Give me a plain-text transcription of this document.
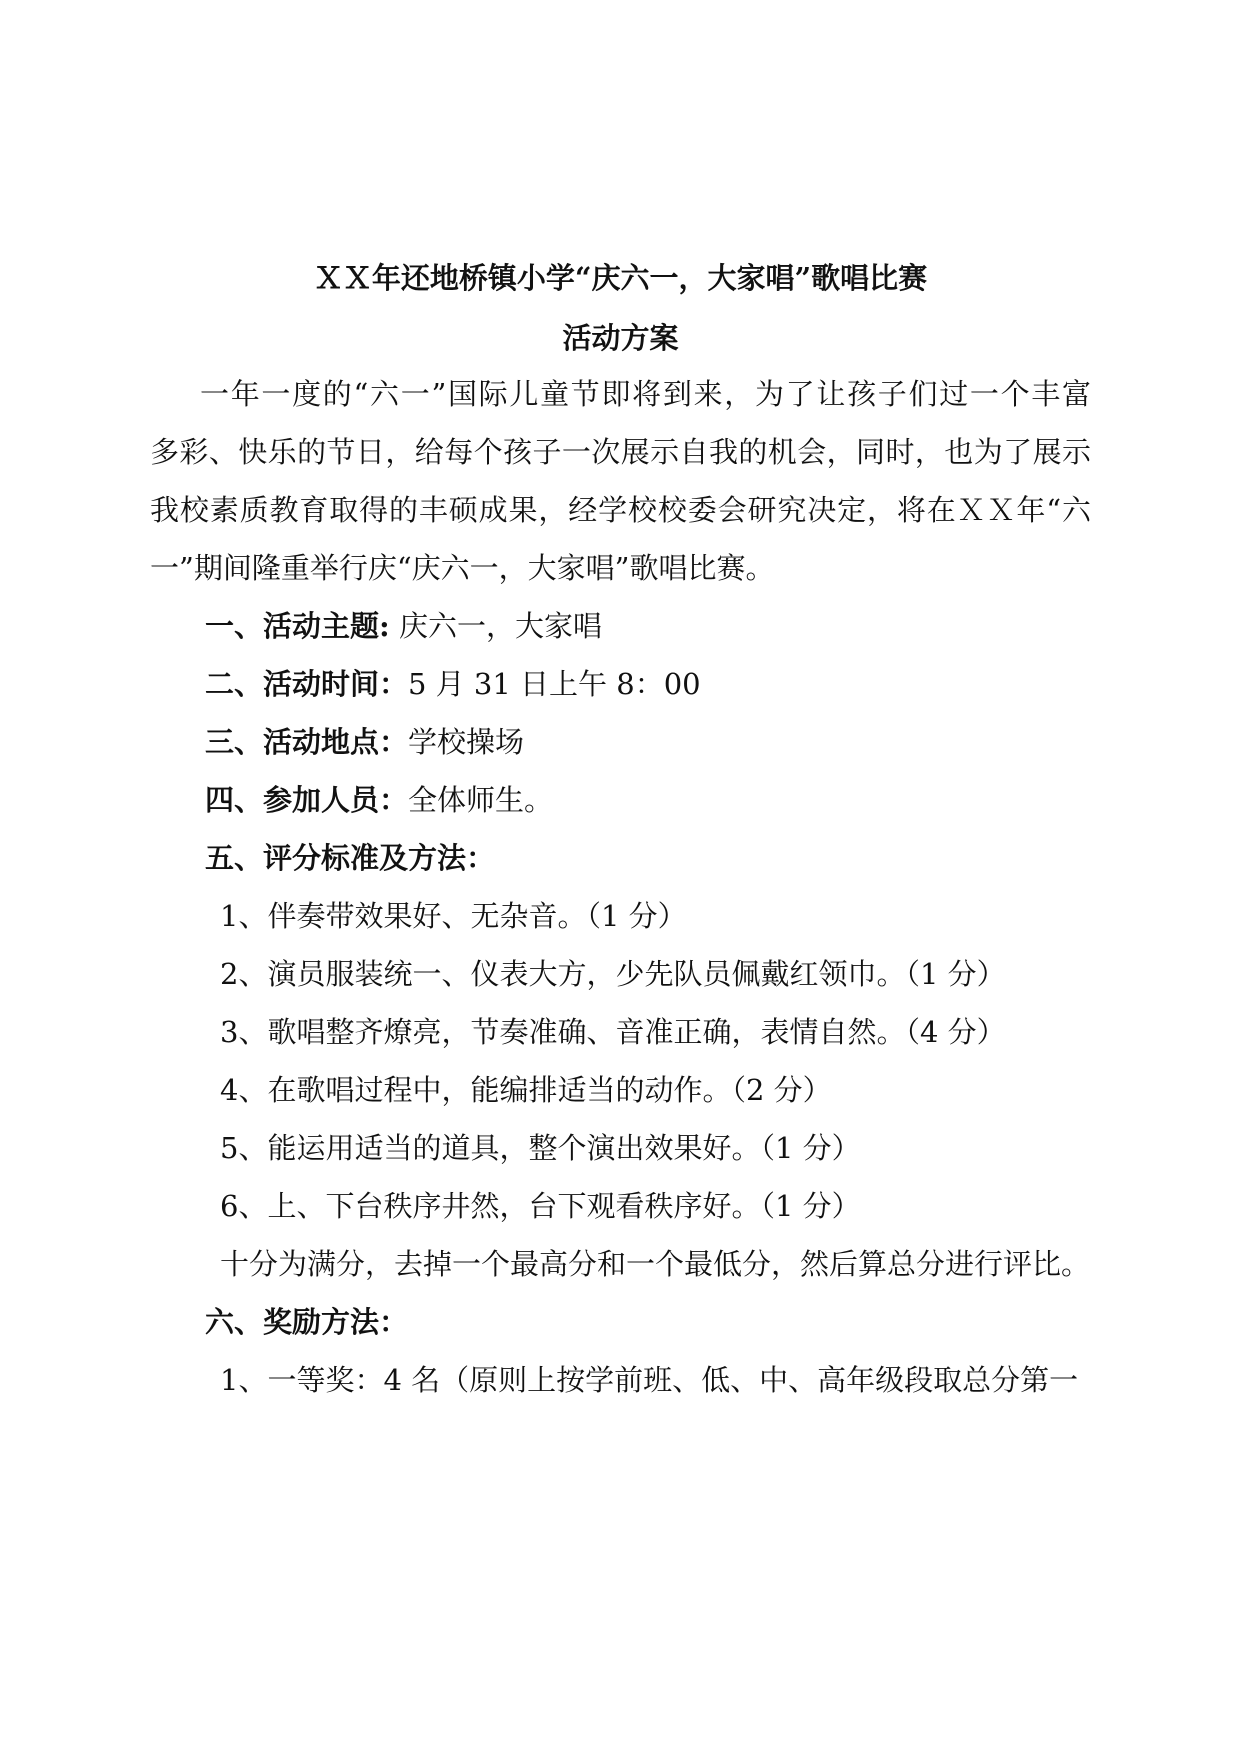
ＸＸ年还地桥镇小学“庆六一，大家唱”歌唱比赛
活动方案
一年一度的“六一”国际儿童节即将到来，为了让孩子们过一个丰富
多彩、快乐的节日，给每个孩子一次展示自我的机会，同时，也为了展示
我校素质教育取得的丰硕成果，经学校校委会研究决定，将在ＸＸ年“六
一”期间隆重举行庆“庆六一，大家唱”歌唱比赛。
一、活动主题: 庆六一，大家唱
二、活动时间：5 月 31 日上午 8：00
三、活动地点：学校操场
四、参加人员：全体师生。
五、评分标准及方法：
1、伴奏带效果好、无杂音。（1 分）
2、演员服装统一、仪表大方，少先队员佩戴红领巾。（1 分）
3、歌唱整齐燎亮，节奏准确、音准正确，表情自然。（4 分）
4、在歌唱过程中，能编排适当的动作。（2 分）
5、能运用适当的道具，整个演出效果好。（1 分）
6、上、下台秩序井然，台下观看秩序好。（1 分）
十分为满分，去掉一个最高分和一个最低分，然后算总分进行评比。
六、奖励方法：
1、一等奖：4 名（原则上按学前班、低、中、高年级段取总分第一
